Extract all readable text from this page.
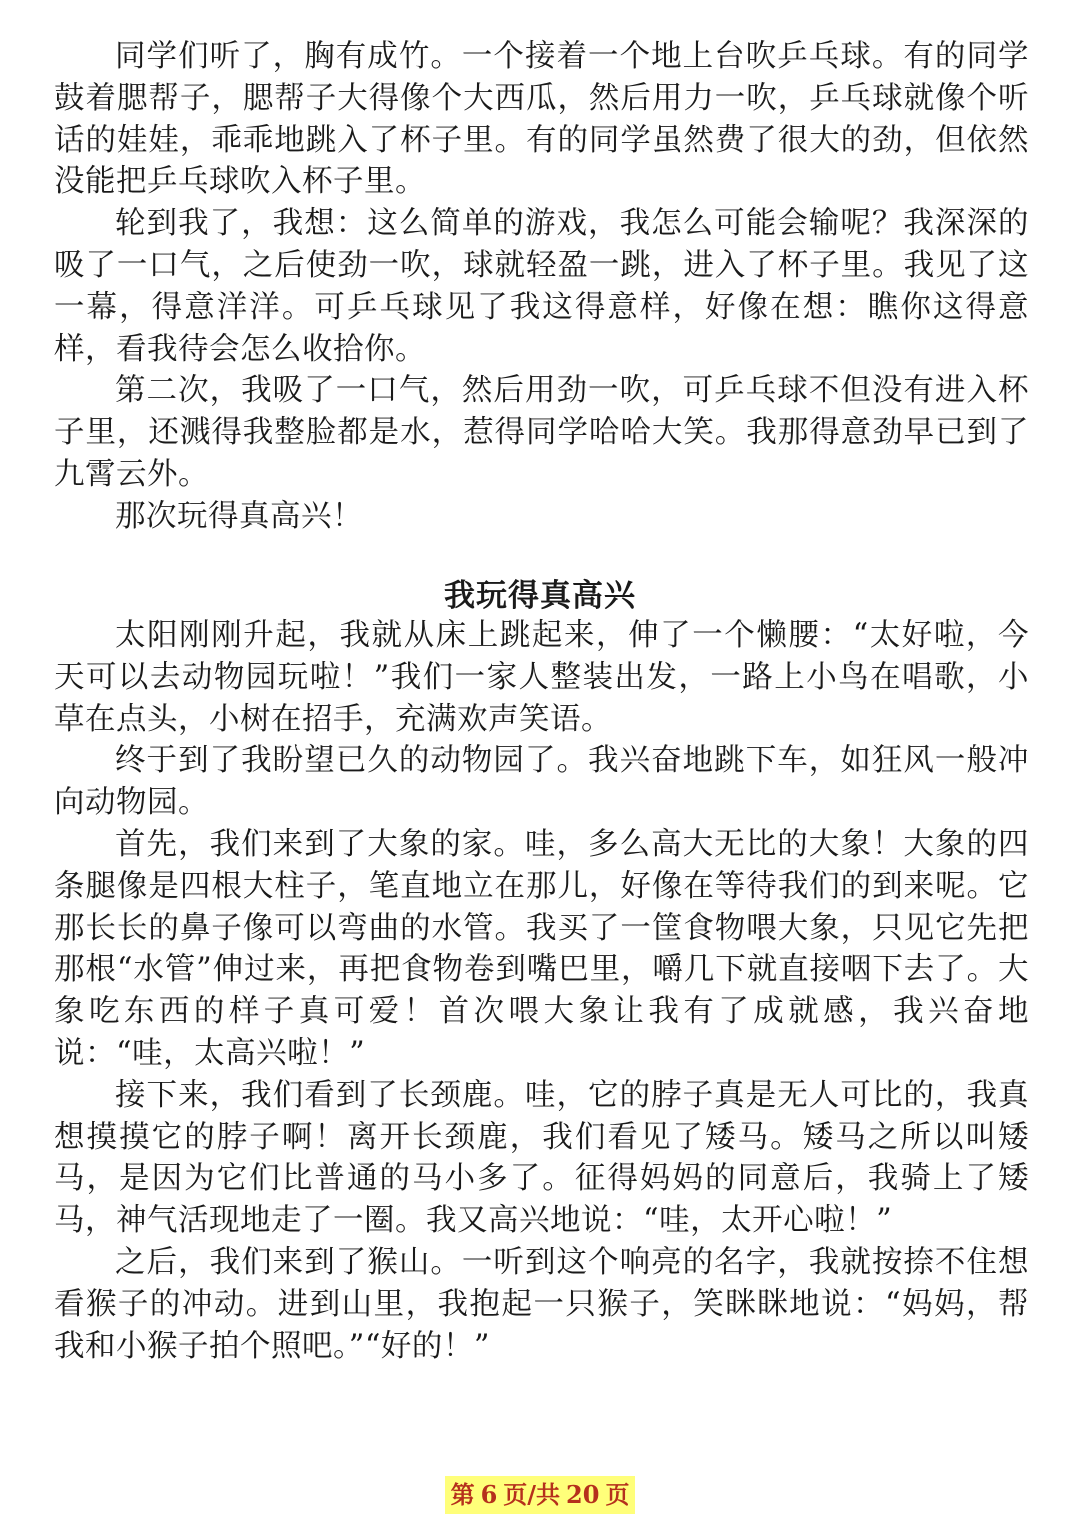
同学们听了，胸有成竹。一个接着一个地上台吹乒乓球。有的同学鼓着腮帮子，腮帮子大得像个大西瓜，然后用力一吹，乒乓球就像个听话的娃娃，乖乖地跳入了杯子里。有的同学虽然费了很大的劲，但依然没能把乒乓球吹入杯子里。

轮到我了，我想：这么简单的游戏，我怎么可能会输呢？我深深的吸了一口气，之后使劲一吹，球就轻盈一跳，进入了杯子里。我见了这一幕，得意洋洋。可乒乓球见了我这得意样，好像在想：瞧你这得意样，看我待会怎么收拾你。

第二次，我吸了一口气，然后用劲一吹，可乒乓球不但没有进入杯子里，还溅得我整脸都是水，惹得同学哈哈大笑。我那得意劲早已到了九霄云外。

那次玩得真高兴！

我玩得真高兴

太阳刚刚升起，我就从床上跳起来，伸了一个懒腰：“太好啦，今天可以去动物园玩啦！”我们一家人整装出发，一路上小鸟在唱歌，小草在点头，小树在招手，充满欢声笑语。

终于到了我盼望已久的动物园了。我兴奋地跳下车，如狂风一般冲向动物园。

首先，我们来到了大象的家。哇，多么高大无比的大象！大象的四条腿像是四根大柱子，笔直地立在那儿，好像在等待我们的到来呢。它那长长的鼻子像可以弯曲的水管。我买了一筐食物喂大象，只见它先把那根“水管”伸过来，再把食物卷到嘴巴里，嚼几下就直接咽下去了。大象吃东西的样子真可爱！首次喂大象让我有了成就感，我兴奋地说：“哇，太高兴啦！”

接下来，我们看到了长颈鹿。哇，它的脖子真是无人可比的，我真想摸摸它的脖子啊！离开长颈鹿，我们看见了矮马。矮马之所以叫矮马，是因为它们比普通的马小多了。征得妈妈的同意后，我骑上了矮马，神气活现地走了一圈。我又高兴地说：“哇，太开心啦！”

之后，我们来到了猴山。一听到这个响亮的名字，我就按捺不住想看猴子的冲动。进到山里，我抱起一只猴子，笑眯眯地说：“妈妈，帮我和小猴子拍个照吧。”“好的！”

第 6 页/共 20 页
